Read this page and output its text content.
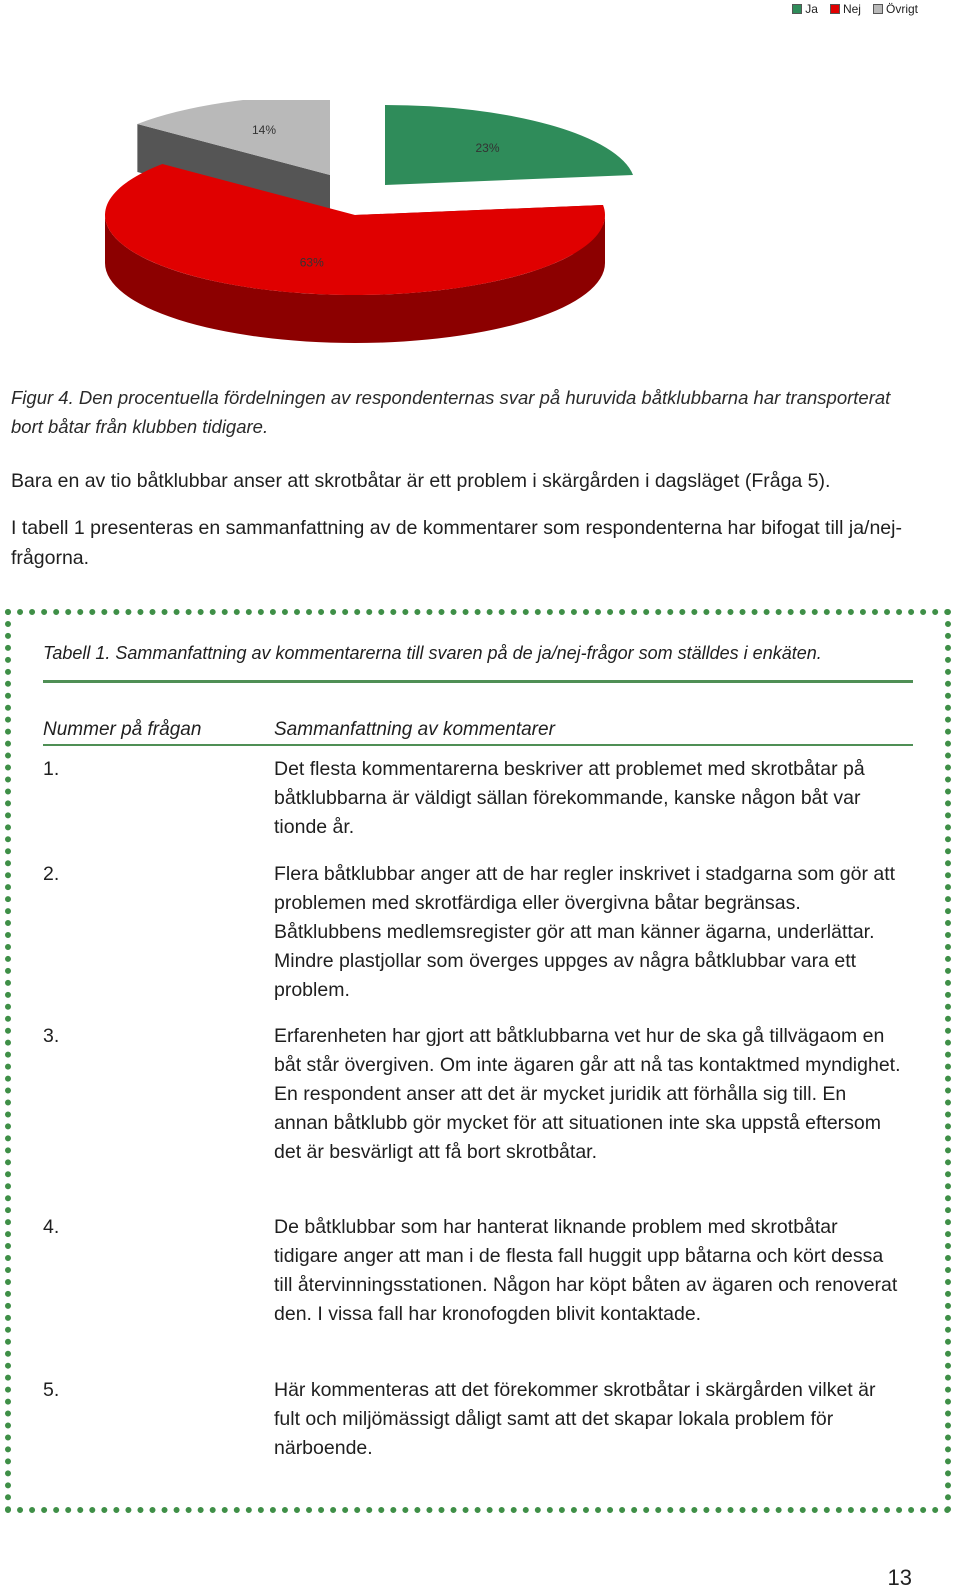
Ja Nej Övrigt
23%
63%
14%
Figur 4. Den procentuella fördelningen av respondenternas svar på huruvida båtklubbarna har transporterat bort båtar från klubben tidigare.
Bara en av tio båtklubbar anser att skrotbåtar är ett problem i skärgården i dagsläget (Fråga 5).
I tabell 1 presenteras en sammanfattning av de kommentarer som respondenterna har bifogat till ja/nej-frågorna.
Tabell 1. Sammanfattning av kommentarerna till svaren på de ja/nej-frågor som ställdes i enkäten.
Nummer på frågan	Sammanfattning av kommentarer
1.	Det flesta kommentarerna beskriver att problemet med skrotbåtar på båtklubbarna är väldigt sällan förekommande, kanske någon båt var tionde år.
2.	Flera båtklubbar anger att de har regler inskrivet i stadgarna som gör att problemen med skrotfärdiga eller övergivna båtar begränsas. Båtklubbens medlemsregister gör att man känner ägarna, underlättar. Mindre plastjollar som överges uppges av några båtklubbar vara ett problem.
3.	Erfarenheten har gjort att båtklubbarna vet hur de ska gå tillvägaom en båt står övergiven. Om inte ägaren går att nå tas kontaktmed myndighet. En respondent anser att det är mycket juridik att förhålla sig till. En annan båtklubb gör mycket för att situationen inte ska uppstå eftersom det är besvärligt att få bort skrotbåtar.
4.	De båtklubbar som har hanterat liknande problem med skrotbåtar tidigare anger att man i de flesta fall huggit upp båtarna och kört dessa till återvinningsstationen. Någon har köpt båten av ägaren och renoverat den. I vissa fall har kronofogden blivit kontaktade.
5.	Här kommenteras att det förekommer skrotbåtar i skärgården vilket är fult och miljömässigt dåligt samt att det skapar lokala problem för närboende.
13
